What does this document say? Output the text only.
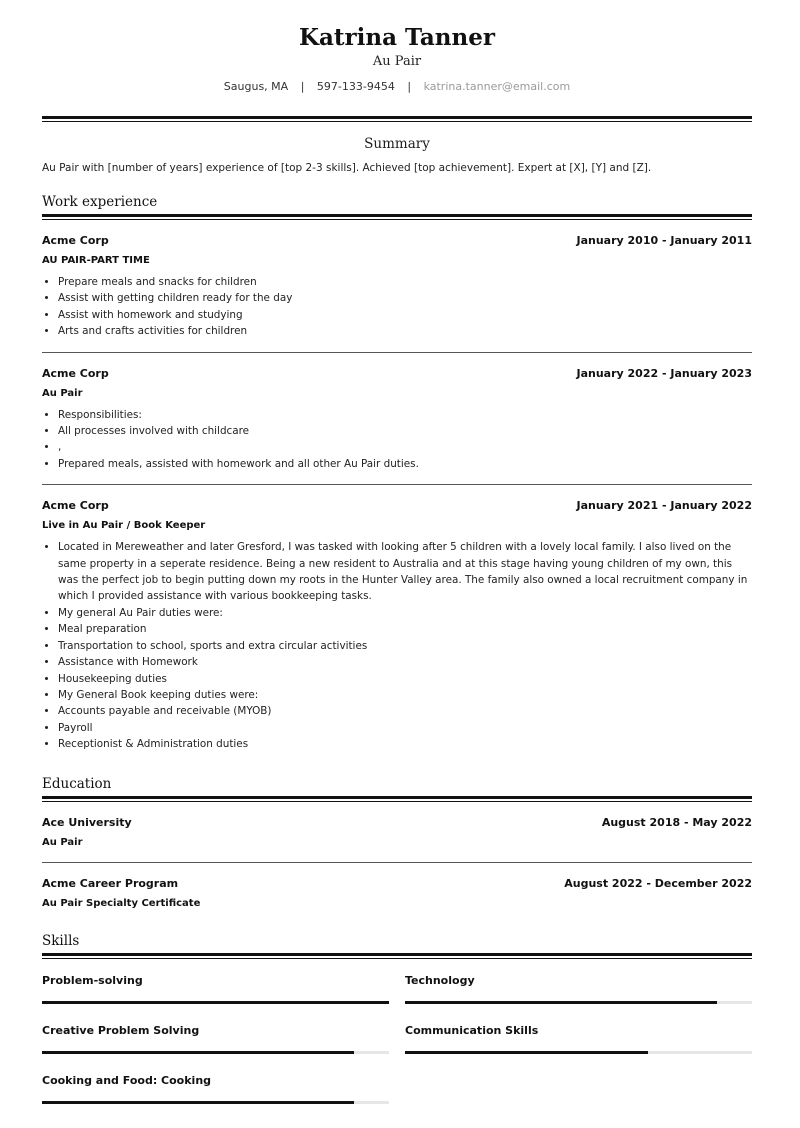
Katrina Tanner
Au Pair
Saugus, MA | 597-133-9454 | katrina.tanner@email.com
Summary
Au Pair with [number of years] experience of [top 2-3 skills]. Achieved [top achievement]. Expert at [X], [Y] and [Z].
Work experience
Acme Corp	January 2010 - January 2011
AU PAIR-PART TIME
• Prepare meals and snacks for children
• Assist with getting children ready for the day
• Assist with homework and studying
• Arts and crafts activities for children
Acme Corp	January 2022 - January 2023
Au Pair
• Responsibilities:
• All processes involved with childcare
• ,
• Prepared meals, assisted with homework and all other Au Pair duties.
Acme Corp	January 2021 - January 2022
Live in Au Pair / Book Keeper
• Located in Mereweather and later Gresford, I was tasked with looking after 5 children with a lovely local family. I also lived on the same property in a seperate residence. Being a new resident to Australia and at this stage having young children of my own, this was the perfect job to begin putting down my roots in the Hunter Valley area. The family also owned a local recruitment company in which I provided assistance with various bookkeeping tasks.
• My general Au Pair duties were:
• Meal preparation
• Transportation to school, sports and extra circular activities
• Assistance with Homework
• Housekeeping duties
• My General Book keeping duties were:
• Accounts payable and receivable (MYOB)
• Payroll
• Receptionist & Administration duties
Education
Ace University	August 2018 - May 2022
Au Pair
Acme Career Program	August 2022 - December 2022
Au Pair Specialty Certificate
Skills
Problem-solving	Technology
Creative Problem Solving	Communication Skills
Cooking and Food: Cooking
